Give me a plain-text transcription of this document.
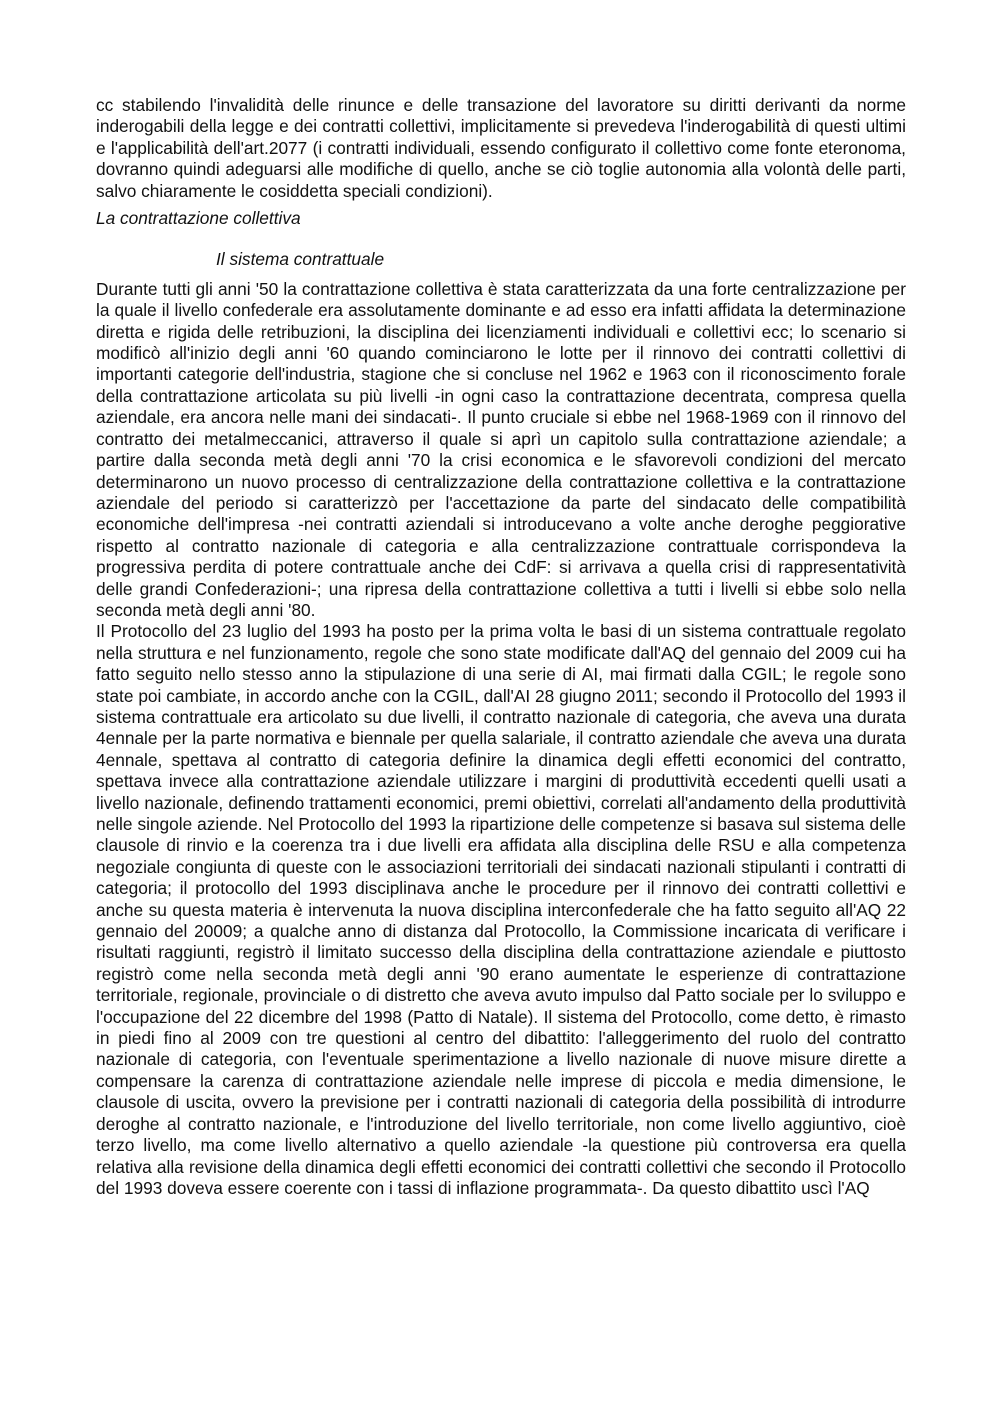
cc stabilendo l'invalidità delle rinunce e delle transazione del lavoratore su diritti derivanti da norme inderogabili della legge e dei contratti collettivi, implicitamente si prevedeva l'inderogabilità di questi ultimi e l'applicabilità dell'art.2077 (i contratti individuali, essendo configurato il collettivo come fonte eteronoma, dovranno quindi adeguarsi alle modifiche di quello, anche se ciò toglie autonomia alla volontà delle parti, salvo chiaramente le cosiddetta speciali condizioni).

La contrattazione collettiva

Il sistema contrattuale

Durante tutti gli anni '50 la contrattazione collettiva è stata caratterizzata da una forte centralizzazione per la quale il livello confederale era assolutamente dominante e ad esso era infatti affidata la determinazione diretta e rigida delle retribuzioni, la disciplina dei licenziamenti individuali e collettivi ecc; lo scenario si modificò all'inizio degli anni '60 quando cominciarono le lotte per il rinnovo dei contratti collettivi di importanti categorie dell'industria, stagione che si concluse nel 1962 e 1963 con il riconoscimento forale della contrattazione articolata su più livelli -in ogni caso la contrattazione decentrata, compresa quella aziendale, era ancora nelle mani dei sindacati-. Il punto cruciale si ebbe nel 1968-1969 con il rinnovo del contratto dei metalmeccanici, attraverso il quale si aprì un capitolo sulla contrattazione aziendale; a partire dalla seconda metà degli anni '70 la crisi economica e le sfavorevoli condizioni del mercato determinarono un nuovo processo di centralizzazione della contrattazione collettiva e la contrattazione aziendale del periodo si caratterizzò per l'accettazione da parte del sindacato delle compatibilità economiche dell'impresa -nei contratti aziendali si introducevano a volte anche deroghe peggiorative rispetto al contratto nazionale di categoria e alla centralizzazione contrattuale corrispondeva la progressiva perdita di potere contrattuale anche dei CdF: si arrivava a quella crisi di rappresentatività delle grandi Confederazioni-; una ripresa della contrattazione collettiva a tutti i livelli si ebbe solo nella seconda metà degli anni '80.

Il Protocollo del 23 luglio del 1993 ha posto per la prima volta le basi di un sistema contrattuale regolato nella struttura e nel funzionamento, regole che sono state modificate dall'AQ del gennaio del 2009 cui ha fatto seguito nello stesso anno la stipulazione di una serie di AI, mai firmati dalla CGIL; le regole sono state poi cambiate, in accordo anche con la CGIL, dall'AI 28 giugno 2011; secondo il Protocollo del 1993 il sistema contrattuale era articolato su due livelli, il contratto nazionale di categoria, che aveva una durata 4ennale per la parte normativa e biennale per quella salariale, il contratto aziendale che aveva una durata 4ennale, spettava al contratto di categoria definire la dinamica degli effetti economici del contratto, spettava invece alla contrattazione aziendale utilizzare i margini di produttività eccedenti quelli usati a livello nazionale, definendo trattamenti economici, premi obiettivi, correlati all'andamento della produttività nelle singole aziende. Nel Protocollo del 1993 la ripartizione delle competenze si basava sul sistema delle clausole di rinvio e la coerenza tra i due livelli era affidata alla disciplina delle RSU e alla competenza negoziale congiunta di queste con le associazioni territoriali dei sindacati nazionali stipulanti i contratti di categoria; il protocollo del 1993 disciplinava anche le procedure per il rinnovo dei contratti collettivi e anche su questa materia è intervenuta la nuova disciplina interconfederale che ha fatto seguito all'AQ 22 gennaio del 20009; a qualche anno di distanza dal Protocollo, la Commissione incaricata di verificare i risultati raggiunti, registrò il limitato successo della disciplina della contrattazione aziendale e piuttosto registrò come nella seconda metà degli anni '90 erano aumentate le esperienze di contrattazione territoriale, regionale, provinciale o di distretto che aveva avuto impulso dal Patto sociale per lo sviluppo e l'occupazione del 22 dicembre del 1998 (Patto di Natale). Il sistema del Protocollo, come detto, è rimasto in piedi fino al 2009 con tre questioni al centro del dibattito: l'alleggerimento del ruolo del contratto nazionale di categoria, con l'eventuale sperimentazione a livello nazionale di nuove misure dirette a compensare la carenza di contrattazione aziendale nelle imprese di piccola e media dimensione, le clausole di uscita, ovvero la previsione per i contratti nazionali di categoria della possibilità di introdurre deroghe al contratto nazionale, e l'introduzione del livello territoriale, non come livello aggiuntivo, cioè terzo livello, ma come livello alternativo a quello aziendale -la questione più controversa era quella relativa alla revisione della dinamica degli effetti economici dei contratti collettivi che secondo il Protocollo del 1993 doveva essere coerente con i tassi di inflazione programmata-. Da questo dibattito uscì l'AQ
